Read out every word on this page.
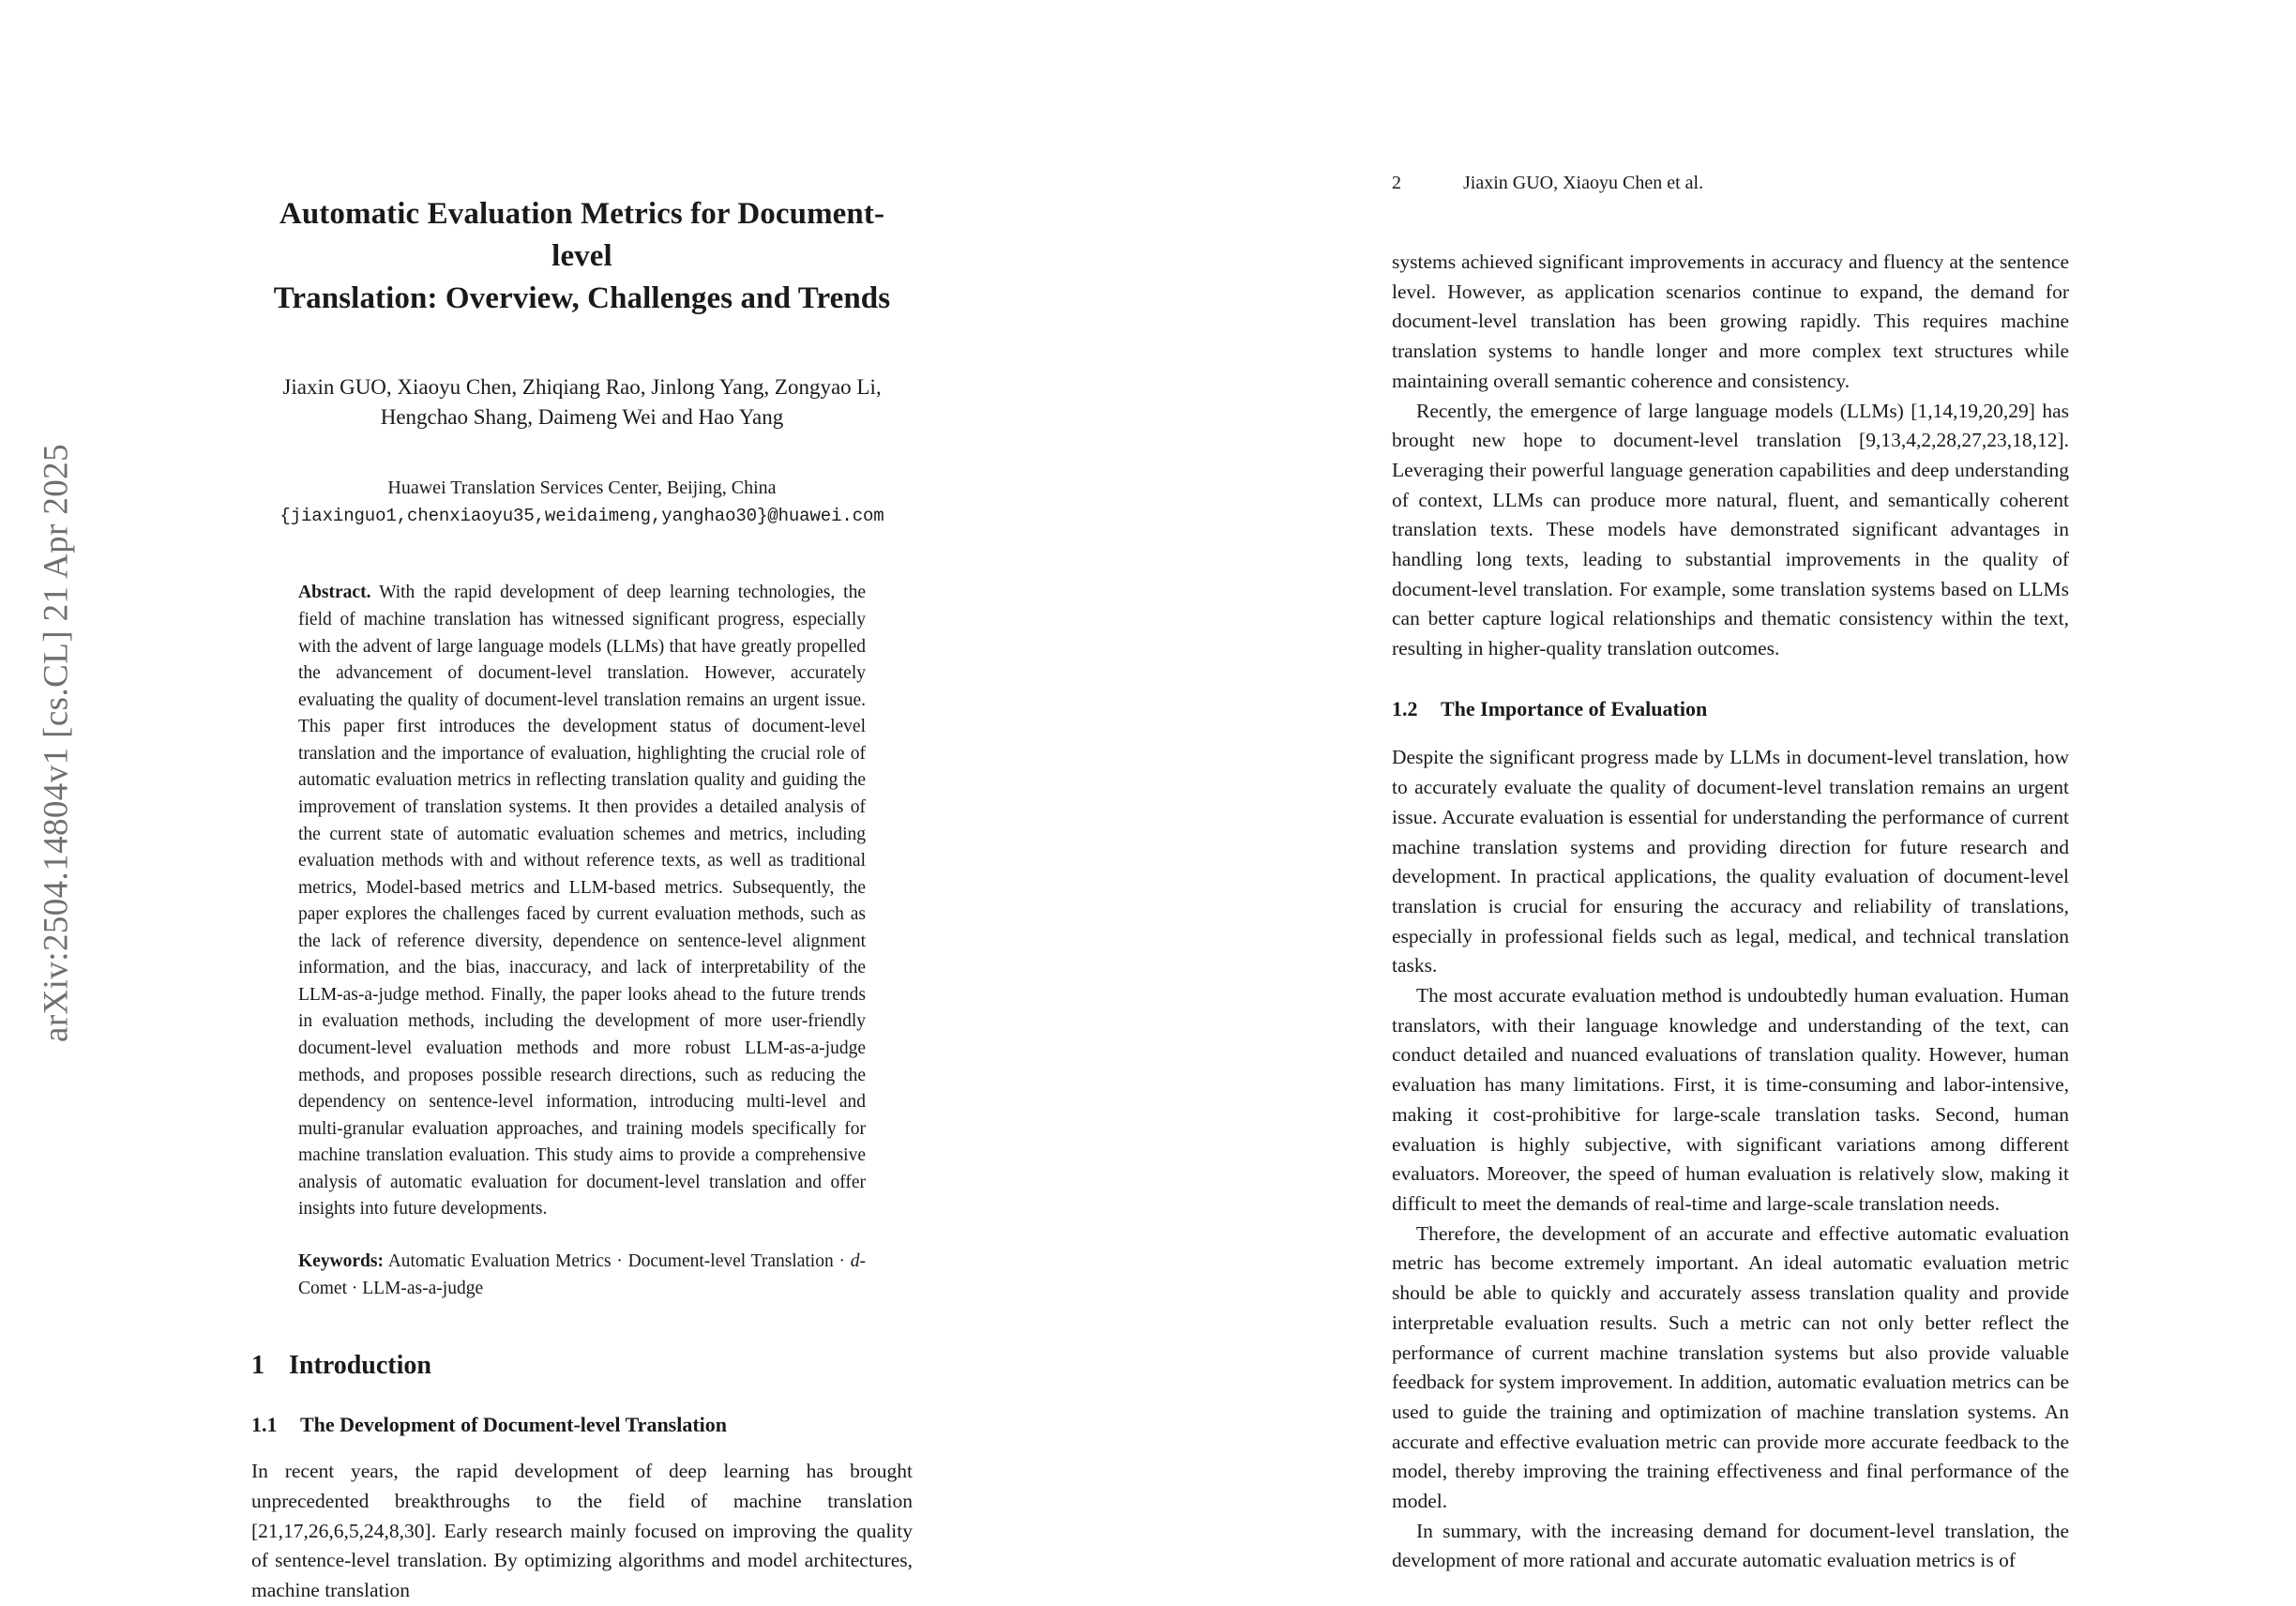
arXiv:2504.14804v1 [cs.CL] 21 Apr 2025
Automatic Evaluation Metrics for Document-level
Translation: Overview, Challenges and Trends
Jiaxin GUO, Xiaoyu Chen, Zhiqiang Rao, Jinlong Yang, Zongyao Li,
Hengchao Shang, Daimeng Wei and Hao Yang
Huawei Translation Services Center, Beijing, China
{jiaxinguo1,chenxiaoyu35,weidaimeng,yanghao30}@huawei.com
Abstract. With the rapid development of deep learning technologies, the field of machine translation has witnessed significant progress, especially with the advent of large language models (LLMs) that have greatly propelled the advancement of document-level translation. However, accurately evaluating the quality of document-level translation remains an urgent issue. This paper first introduces the development status of document-level translation and the importance of evaluation, highlighting the crucial role of automatic evaluation metrics in reflecting translation quality and guiding the improvement of translation systems. It then provides a detailed analysis of the current state of automatic evaluation schemes and metrics, including evaluation methods with and without reference texts, as well as traditional metrics, Model-based metrics and LLM-based metrics. Subsequently, the paper explores the challenges faced by current evaluation methods, such as the lack of reference diversity, dependence on sentence-level alignment information, and the bias, inaccuracy, and lack of interpretability of the LLM-as-a-judge method. Finally, the paper looks ahead to the future trends in evaluation methods, including the development of more user-friendly document-level evaluation methods and more robust LLM-as-a-judge methods, and proposes possible research directions, such as reducing the dependency on sentence-level information, introducing multi-level and multi-granular evaluation approaches, and training models specifically for machine translation evaluation. This study aims to provide a comprehensive analysis of automatic evaluation for document-level translation and offer insights into future developments.
Keywords: Automatic Evaluation Metrics · Document-level Translation · d-Comet · LLM-as-a-judge
1 Introduction
1.1 The Development of Document-level Translation

In recent years, the rapid development of deep learning has brought unprecedented breakthroughs to the field of machine translation [21,17,26,6,5,24,8,30]. Early research mainly focused on improving the quality of sentence-level translation. By optimizing algorithms and model architectures, machine translation

2	Jiaxin GUO, Xiaoyu Chen et al.

systems achieved significant improvements in accuracy and fluency at the sentence level. However, as application scenarios continue to expand, the demand for document-level translation has been growing rapidly. This requires machine translation systems to handle longer and more complex text structures while maintaining overall semantic coherence and consistency.

Recently, the emergence of large language models (LLMs) [1,14,19,20,29] has brought new hope to document-level translation [9,13,4,2,28,27,23,18,12]. Leveraging their powerful language generation capabilities and deep understanding of context, LLMs can produce more natural, fluent, and semantically coherent translation texts. These models have demonstrated significant advantages in handling long texts, leading to substantial improvements in the quality of document-level translation. For example, some translation systems based on LLMs can better capture logical relationships and thematic consistency within the text, resulting in higher-quality translation outcomes.

1.2 The Importance of Evaluation

Despite the significant progress made by LLMs in document-level translation, how to accurately evaluate the quality of document-level translation remains an urgent issue. Accurate evaluation is essential for understanding the performance of current machine translation systems and providing direction for future research and development. In practical applications, the quality evaluation of document-level translation is crucial for ensuring the accuracy and reliability of translations, especially in professional fields such as legal, medical, and technical translation tasks.

The most accurate evaluation method is undoubtedly human evaluation. Human translators, with their language knowledge and understanding of the text, can conduct detailed and nuanced evaluations of translation quality. However, human evaluation has many limitations. First, it is time-consuming and labor-intensive, making it cost-prohibitive for large-scale translation tasks. Second, human evaluation is highly subjective, with significant variations among different evaluators. Moreover, the speed of human evaluation is relatively slow, making it difficult to meet the demands of real-time and large-scale translation needs.

Therefore, the development of an accurate and effective automatic evaluation metric has become extremely important. An ideal automatic evaluation metric should be able to quickly and accurately assess translation quality and provide interpretable evaluation results. Such a metric can not only better reflect the performance of current machine translation systems but also provide valuable feedback for system improvement. In addition, automatic evaluation metrics can be used to guide the training and optimization of machine translation systems. An accurate and effective evaluation metric can provide more accurate feedback to the model, thereby improving the training effectiveness and final performance of the model.

In summary, with the increasing demand for document-level translation, the development of more rational and accurate automatic evaluation metrics is of
